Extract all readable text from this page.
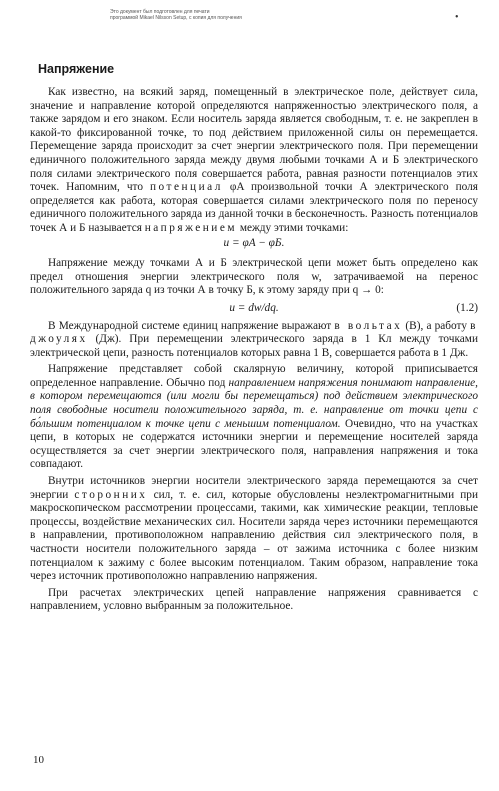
Это документ был подготовлен для печати
программой Mikael Nilsson Setup, с копия для получения	•
Напряжение

Как известно, на всякий заряд, помещенный в электрическое поле, действует сила, значение и направление которой определяются напряженностью электрического поля, а также зарядом и его знаком. Если носитель заряда является свободным, т. е. не закреплен в какой-то фиксированной точке, то под действием приложенной силы он перемещается. Перемещение заряда происходит за счет энергии электрического поля. При перемещении единичного положительного заряда между двумя любыми точками А и Б электрического поля силами электрического поля совершается работа, равная разности потенциалов этих точек. Напомним, что потенциал φA произвольной точки А электрического поля определяется как работа, которая совершается силами электрического поля по переносу единичного положительного заряда из данной точки в бесконечность. Разность потенциалов точек А и Б называется напряжением между этими точками:

u = φA − φБ.

Напряжение между точками А и Б электрической цепи может быть определено как предел отношения энергии электрического поля w, затрачиваемой на перенос положительного заряда q из точки А в точку Б, к этому заряду при q → 0:

u = dw/dq.	(1.2)

В Международной системе единиц напряжение выражают в вольтах (В), а работу в джоулях (Дж). При перемещении электрического заряда в 1 Кл между точками электрической цепи, разность потенциалов которых равна 1 В, совершается работа в 1 Дж.

Напряжение представляет собой скалярную величину, которой приписывается определенное направление. Обычно под направлением напряжения понимают направление, в котором перемещаются (или могли бы перемещаться) под действием электрического поля свободные носители положительного заряда, т. е. направление от точки цепи с бо́льшим потенциалом к точке цепи с меньшим потенциалом. Очевидно, что на участках цепи, в которых не содержатся источники энергии и перемещение носителей заряда осуществляется за счет энергии электрического поля, направления напряжения и тока совпадают.

Внутри источников энергии носители электрического заряда перемещаются за счет энергии сторонних сил, т. е. сил, которые обусловлены неэлектромагнитными при макроскопическом рассмотрении процессами, такими, как химические реакции, тепловые процессы, воздействие механических сил. Носители заряда через источники перемещаются в направлении, противоположном направлению действия сил электрического поля, в частности носители положительного заряда – от зажима источника с более низким потенциалом к зажиму с более высоким потенциалом. Таким образом, направление тока через источник противоположно направлению напряжения.

При расчетах электрических цепей направление напряжения сравнивается с направлением, условно выбранным за положительное.

10
